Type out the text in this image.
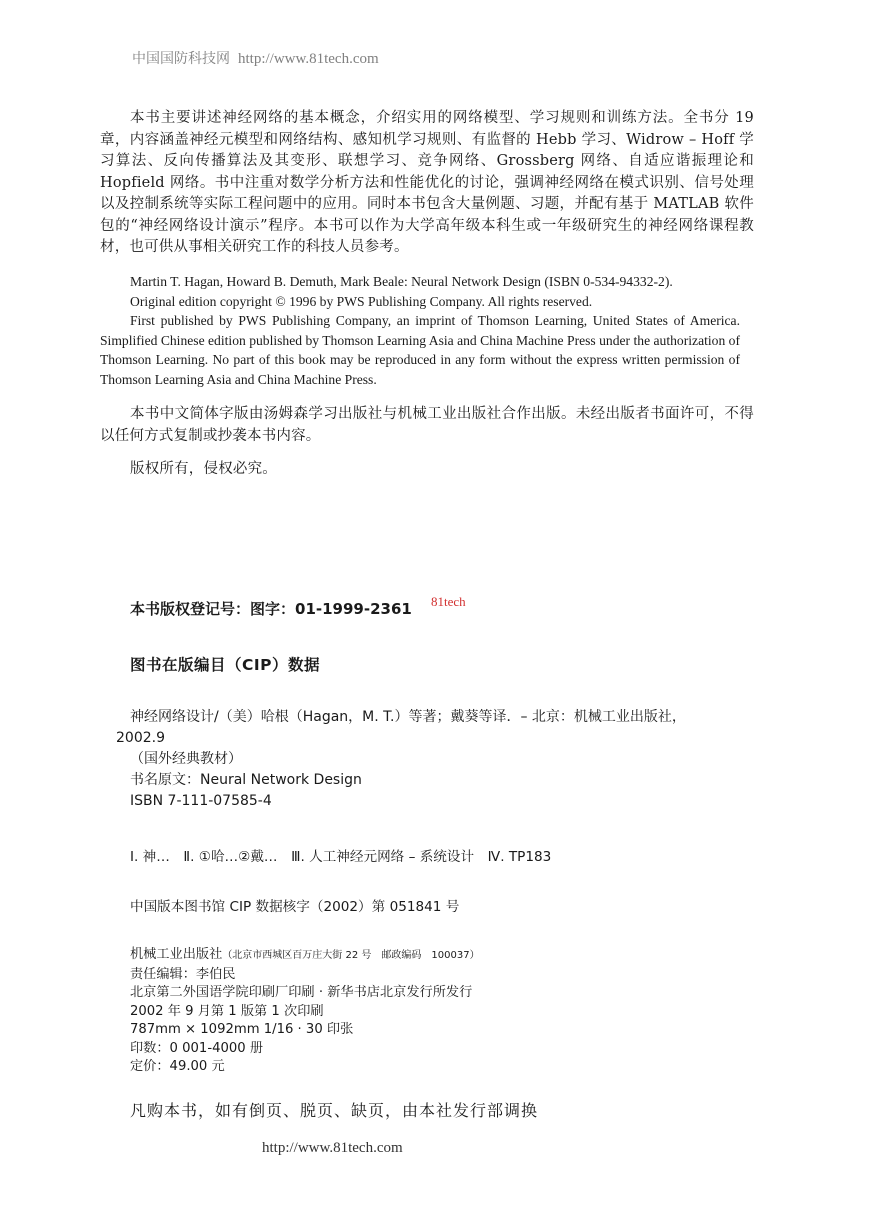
中国国防科技网 http://www.81tech.com
本书主要讲述神经网络的基本概念，介绍实用的网络模型、学习规则和训练方法。全书分 19 章，内容涵盖神经元模型和网络结构、感知机学习规则、有监督的 Hebb 学习、Widrow – Hoff 学习算法、反向传播算法及其变形、联想学习、竞争网络、Grossberg 网络、自适应谐振理论和 Hopfield 网络。书中注重对数学分析方法和性能优化的讨论，强调神经网络在模式识别、信号处理以及控制系统等实际工程问题中的应用。同时本书包含大量例题、习题，并配有基于 MATLAB 软件包的“神经网络设计演示”程序。本书可以作为大学高年级本科生或一年级研究生的神经网络课程教材，也可供从事相关研究工作的科技人员参考。

Martin T. Hagan, Howard B. Demuth, Mark Beale: Neural Network Design (ISBN 0-534-94332-2).

Original edition copyright © 1996 by PWS Publishing Company. All rights reserved.

First published by PWS Publishing Company, an imprint of Thomson Learning, United States of America. Simplified Chinese edition published by Thomson Learning Asia and China Machine Press under the authorization of Thomson Learning. No part of this book may be reproduced in any form without the express written permission of Thomson Learning Asia and China Machine Press.

本书中文简体字版由汤姆森学习出版社与机械工业出版社合作出版。未经出版者书面许可，不得以任何方式复制或抄袭本书内容。
版权所有，侵权必究。
本书版权登记号：图字：01-1999-2361 81tech
图书在版编目（CIP）数据
神经网络设计/（美）哈根（Hagan，M. T.）等著；戴葵等译．– 北京：机械工业出版社，
2002.9
（国外经典教材）
书名原文：Neural Network Design
ISBN 7-111-07585-4
Ⅰ. 神…　Ⅱ. ①哈…②戴…　Ⅲ. 人工神经元网络 – 系统设计　Ⅳ. TP183
中国版本图书馆 CIP 数据核字（2002）第 051841 号
机械工业出版社（北京市西城区百万庄大街 22 号　邮政编码　100037）
责任编辑：李伯民
北京第二外国语学院印刷厂印刷 · 新华书店北京发行所发行
2002 年 9 月第 1 版第 1 次印刷
787mm × 1092mm 1/16 · 30 印张
印数：0 001-4000 册
定价：49.00 元
凡购本书，如有倒页、脱页、缺页，由本社发行部调换
http://www.81tech.com
